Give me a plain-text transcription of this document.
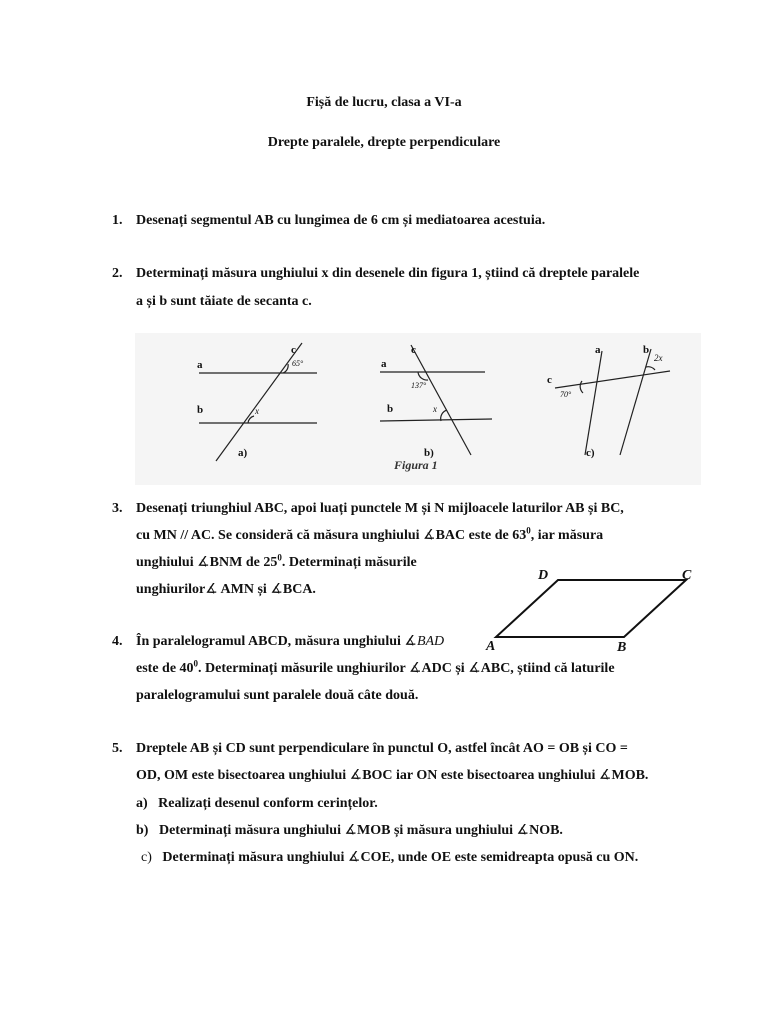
Fișă de lucru, clasa a VI-a
Drepte paralele, drepte perpendiculare
1. Desenați segmentul AB cu lungimea de 6 cm și mediatoarea acestuia.
2. Determinați măsura unghiului x din desenele din figura 1, știind că dreptele paralele
a și b sunt tăiate de secanta c.
a
b
c
65°
x
a)
a
b
c
137°
x
b)
Figura 1
a	b
c
70°
2x
c)
3. Desenați triunghiul ABC, apoi luați punctele M și N mijloacele laturilor AB și BC,
cu MN // AC. Se consideră că măsura unghiului ∡BAC este de $63^0$, iar măsura
unghiului ∡BNM de $25^0$. Determinați măsurile
unghiurilor∡ AMN și ∡BCA.
A	B
C
D
4. În paralelogramul ABCD, măsura unghiului ∡BAD
este de $40^0$. Determinați măsurile unghiurilor ∡ADC și ∡ABC, știind că laturile
paralelogramului sunt paralele două câte două.
5. Dreptele AB și CD sunt perpendiculare în punctul O, astfel încât AO = OB și CO =
OD, OM este bisectoarea unghiului ∡BOC iar ON este bisectoarea unghiului ∡MOB.
a) Realizați desenul conform cerințelor.
b) Determinați măsura unghiului ∡MOB și măsura unghiului ∡NOB.
c) Determinați măsura unghiului ∡COE, unde OE este semidreapta opusă cu ON.
